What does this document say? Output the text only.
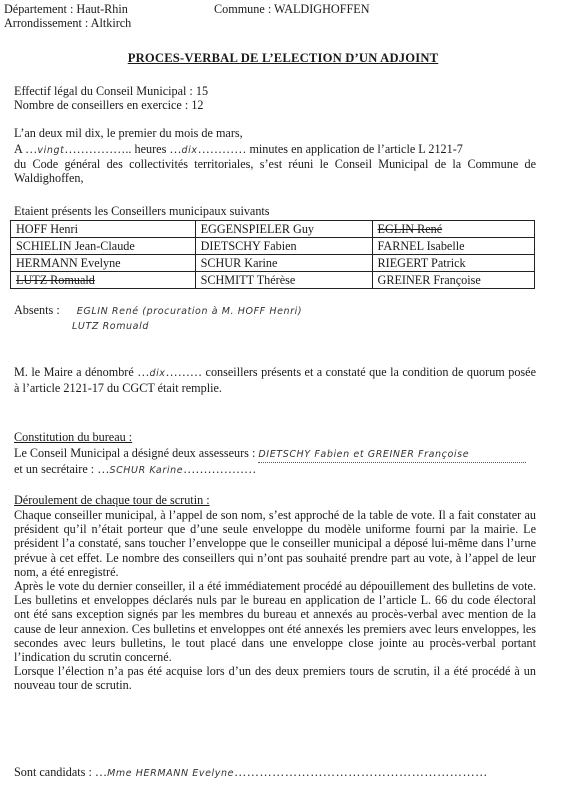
Département : Haut-Rhin
Arrondissement : Altkirch
Commune : WALDIGHOFFEN
PROCES-VERBAL DE L’ELECTION D’UN ADJOINT
Effectif légal du Conseil Municipal : 15
Nombre de conseillers en exercice : 12
L’an deux mil dix, le premier du mois de mars,
A …vingt…………….. heures …dix………… minutes en application de l’article L 2121-7
du Code général des collectivités territoriales, s’est réuni le Conseil Municipal de la Commune de Waldighoffen,
Etaient présents les Conseillers municipaux suivants
HOFF Henri	EGGENSPIELER Guy	EGLIN René
SCHIELIN Jean-Claude	DIETSCHY Fabien	FARNEL Isabelle
HERMANN Evelyne	SCHUR Karine	RIEGERT Patrick
LUTZ Romuald	SCHMITT Thérèse	GREINER Françoise
Absents : EGLIN René (procuration à M. HOFF Henri)
LUTZ Romuald
M. le Maire a dénombré …dix……… conseillers présents et a constaté que la condition de quorum posée à l’article 2121-17 du CGCT était remplie.
Constitution du bureau :
Le Conseil Municipal a désigné deux assesseurs : DIETSCHY Fabien et GREINER Françoise
et un secrétaire : …SCHUR Karine………………
Déroulement de chaque tour de scrutin :
Chaque conseiller municipal, à l’appel de son nom, s’est approché de la table de vote. Il a fait constater au président qu’il n’était porteur que d’une seule enveloppe du modèle uniforme fourni par la mairie. Le président l’a constaté, sans toucher l’enveloppe que le conseiller municipal a déposé lui-même dans l’urne prévue à cet effet. Le nombre des conseillers qui n’ont pas souhaité prendre part au vote, à l’appel de leur nom, a été enregistré.
Après le vote du dernier conseiller, il a été immédiatement procédé au dépouillement des bulletins de vote. Les bulletins et enveloppes déclarés nuls par le bureau en application de l’article L. 66 du code électoral ont été sans exception signés par les membres du bureau et annexés au procès-verbal avec mention de la cause de leur annexion. Ces bulletins et enveloppes ont été annexés les premiers avec leurs enveloppes, les secondes avec leurs bulletins, le tout placé dans une enveloppe close jointe au procès-verbal portant l’indication du scrutin concerné.
Lorsque l’élection n’a pas été acquise lors d’un des deux premiers tours de scrutin, il a été procédé à un nouveau tour de scrutin.
Sont candidats : …Mme HERMANN Evelyne……………………………………………………
